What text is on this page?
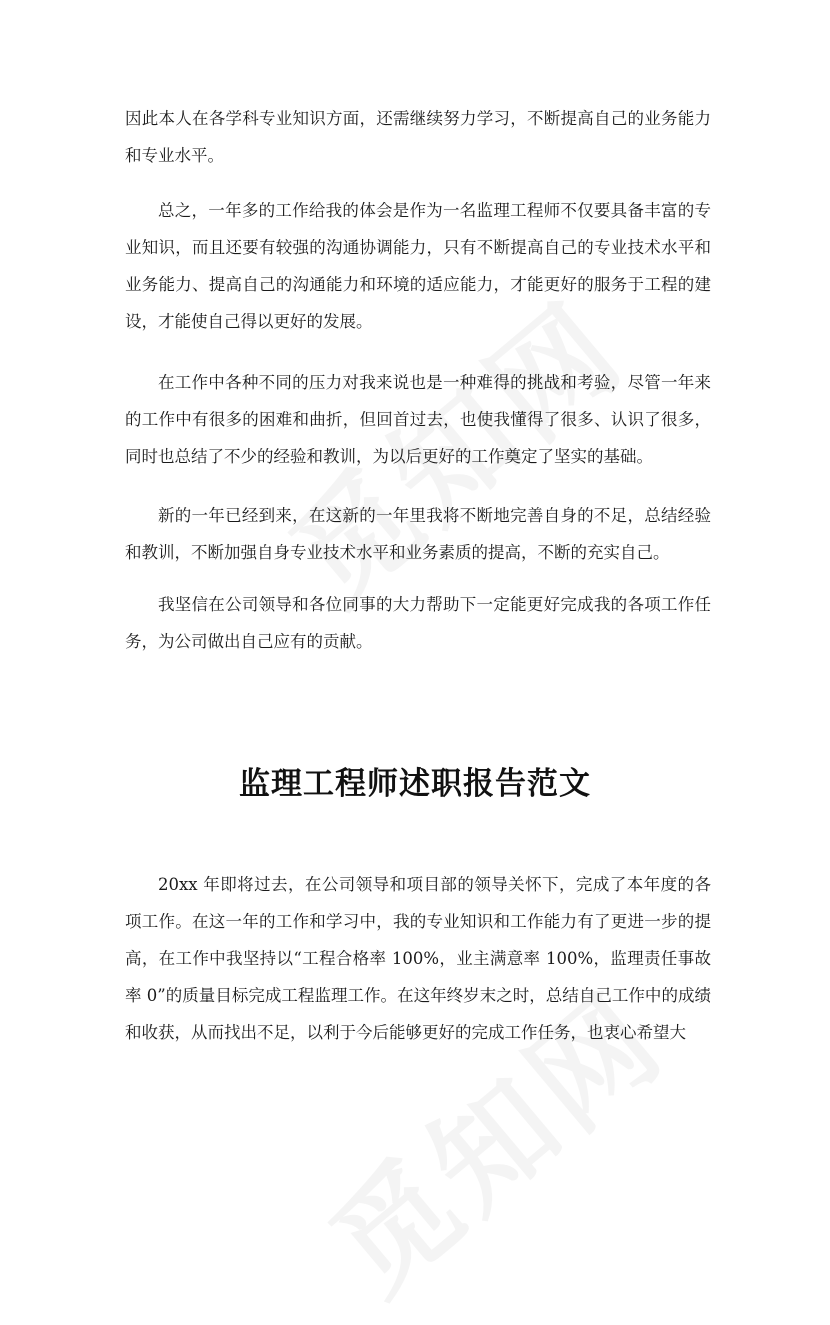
因此本人在各学科专业知识方面，还需继续努力学习，不断提高自己的业务能力和专业水平。

总之，一年多的工作给我的体会是作为一名监理工程师不仅要具备丰富的专业知识，而且还要有较强的沟通协调能力，只有不断提高自己的专业技术水平和业务能力、提高自己的沟通能力和环境的适应能力，才能更好的服务于工程的建设，才能使自己得以更好的发展。

在工作中各种不同的压力对我来说也是一种难得的挑战和考验，尽管一年来的工作中有很多的困难和曲折，但回首过去，也使我懂得了很多、认识了很多，同时也总结了不少的经验和教训，为以后更好的工作奠定了坚实的基础。

新的一年已经到来，在这新的一年里我将不断地完善自身的不足，总结经验和教训，不断加强自身专业技术水平和业务素质的提高，不断的充实自己。

我坚信在公司领导和各位同事的大力帮助下一定能更好完成我的各项工作任务，为公司做出自己应有的贡献。

监理工程师述职报告范文

20xx 年即将过去，在公司领导和项目部的领导关怀下，完成了本年度的各项工作。在这一年的工作和学习中，我的专业知识和工作能力有了更进一步的提高，在工作中我坚持以“工程合格率 100%，业主满意率 100%，监理责任事故率 0”的质量目标完成工程监理工作。在这年终岁末之时，总结自己工作中的成绩和收获，从而找出不足，以利于今后能够更好的完成工作任务，也衷心希望大
